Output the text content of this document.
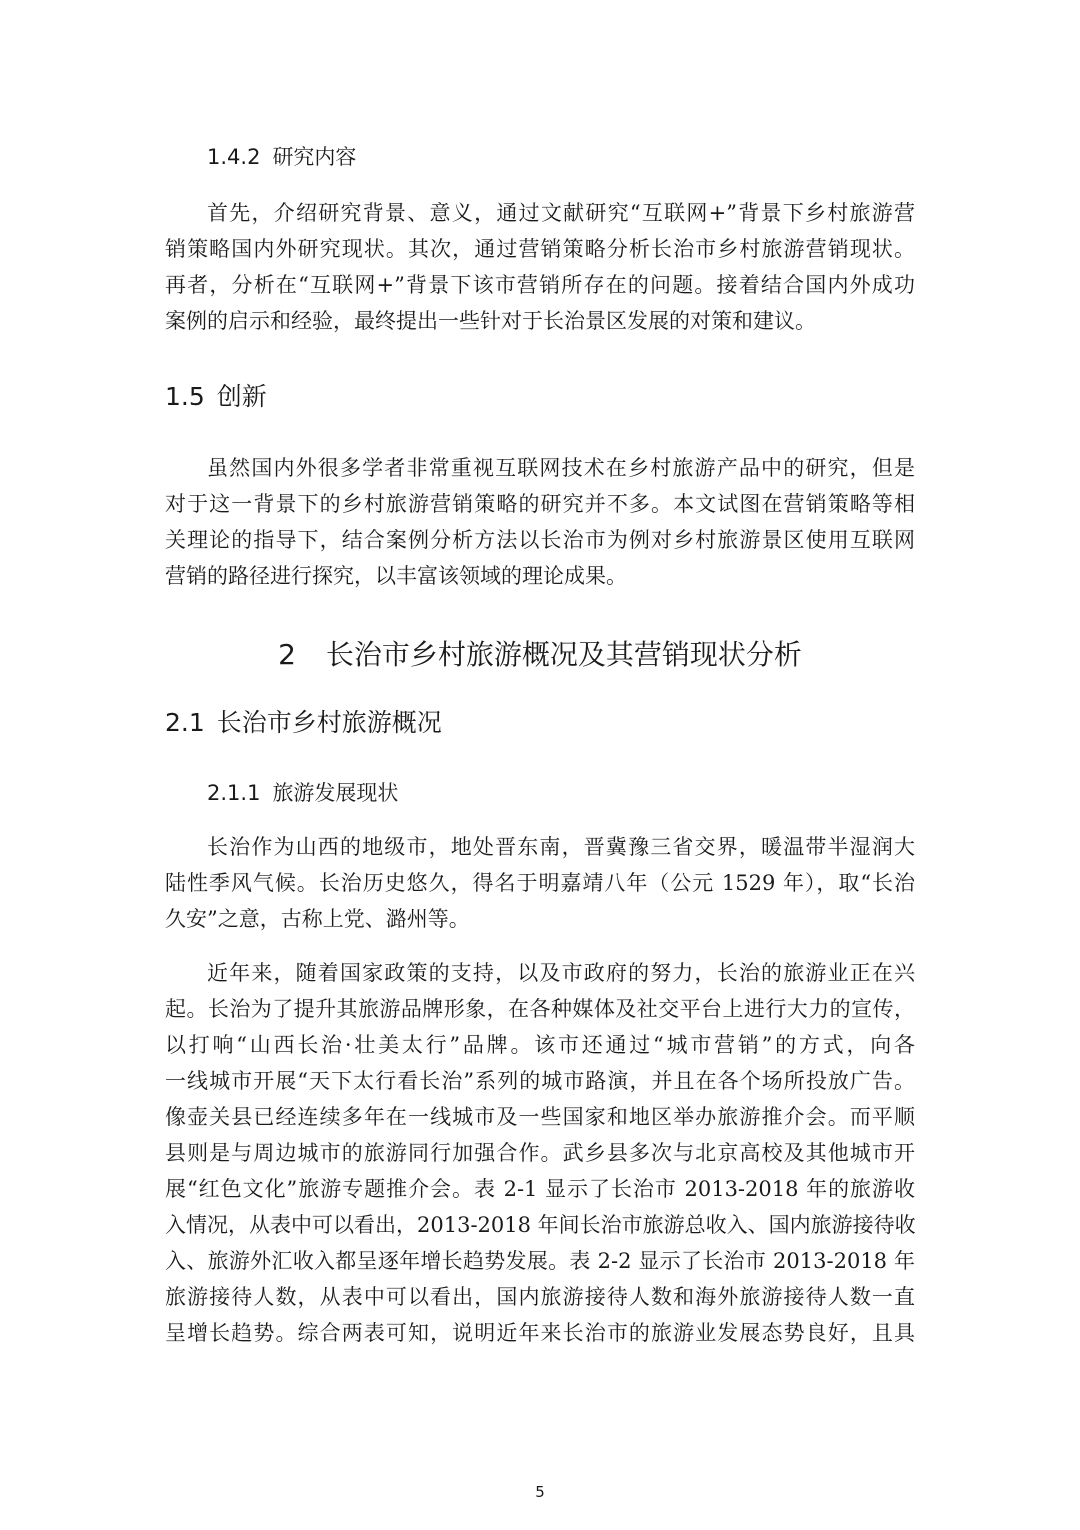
1.4.2 研究内容
首先，介绍研究背景、意义，通过文献研究“互联网+”背景下乡村旅游营
销策略国内外研究现状。其次，通过营销策略分析长治市乡村旅游营销现状。
再者，分析在“互联网+”背景下该市营销所存在的问题。接着结合国内外成功
案例的启示和经验，最终提出一些针对于长治景区发展的对策和建议。
1.5 创新
虽然国内外很多学者非常重视互联网技术在乡村旅游产品中的研究，但是
对于这一背景下的乡村旅游营销策略的研究并不多。本文试图在营销策略等相
关理论的指导下，结合案例分析方法以长治市为例对乡村旅游景区使用互联网
营销的路径进行探究，以丰富该领域的理论成果。
2 长治市乡村旅游概况及其营销现状分析
2.1 长治市乡村旅游概况
2.1.1 旅游发展现状
长治作为山西的地级市，地处晋东南，晋冀豫三省交界，暖温带半湿润大
陆性季风气候。长治历史悠久，得名于明嘉靖八年（公元 1529 年），取“长治
久安”之意，古称上党、潞州等。
近年来，随着国家政策的支持，以及市政府的努力，长治的旅游业正在兴
起。长治为了提升其旅游品牌形象，在各种媒体及社交平台上进行大力的宣传，
以打响“山西长治·壮美太行”品牌。该市还通过“城市营销”的方式，向各
一线城市开展“天下太行看长治”系列的城市路演，并且在各个场所投放广告。
像壶关县已经连续多年在一线城市及一些国家和地区举办旅游推介会。而平顺
县则是与周边城市的旅游同行加强合作。武乡县多次与北京高校及其他城市开
展“红色文化”旅游专题推介会。表 2-1 显示了长治市 2013-2018 年的旅游收
入情况，从表中可以看出，2013-2018 年间长治市旅游总收入、国内旅游接待收
入、旅游外汇收入都呈逐年增长趋势发展。表 2-2 显示了长治市 2013-2018 年
旅游接待人数，从表中可以看出，国内旅游接待人数和海外旅游接待人数一直
呈增长趋势。综合两表可知，说明近年来长治市的旅游业发展态势良好，且具
5
